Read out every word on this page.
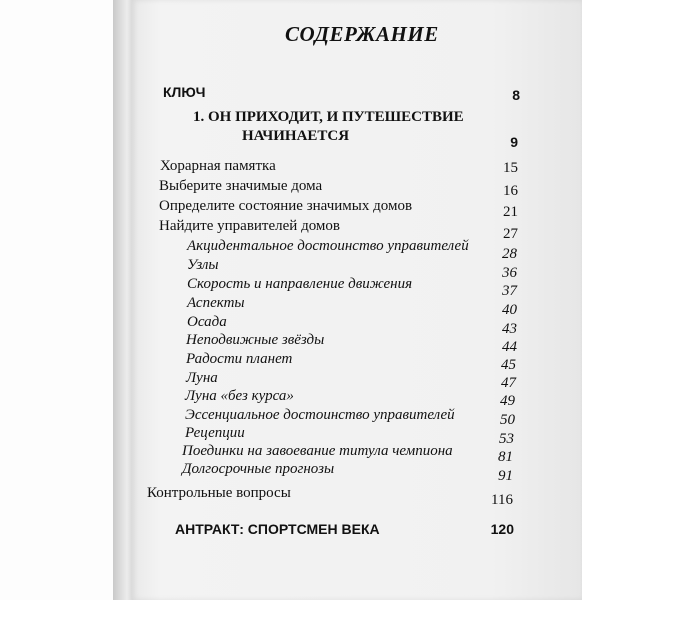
СОДЕРЖАНИЕ
КЛЮЧ	8
1. ОН ПРИХОДИТ, И ПУТЕШЕСТВИЕ
НАЧИНАЕТСЯ	9
Хорарная памятка	15
Выберите значимые дома	16
Определите состояние значимых домов	21
Найдите управителей домов	27
Акцидентальное достоинство управителей	28
Узлы	36
Скорость и направление движения	37
Аспекты	40
Осада	43
Неподвижные звёзды	44
Радости планет	45
Луна	47
Луна «без курса»	49
Эссенциальное достоинство управителей	50
Рецепции	53
Поединки на завоевание титула чемпиона	81
Долгосрочные прогнозы	91
Контрольные вопросы	116
АНТРАКТ: СПОРТСМЕН ВЕКА	120
